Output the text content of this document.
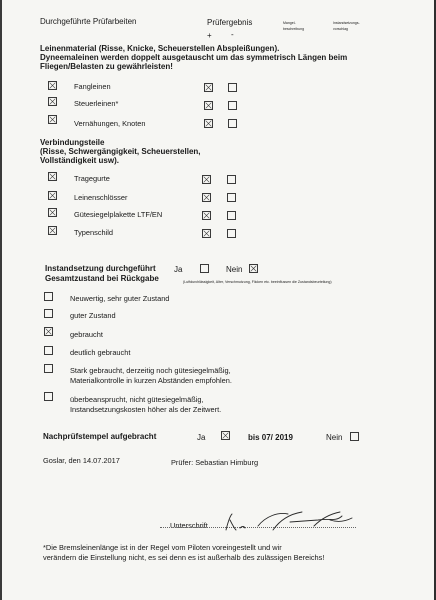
Durchgeführte Prüfarbeiten	Prüfergebnis	Mangel-
beschreibung
Instandsetzungs-
vorschlag
+ -
Leinenmaterial (Risse, Knicke, Scheuerstellen Abspleißungen).
Dyneemaleinen werden doppelt ausgetauscht um das symmetrisch Längen beim
Fliegen/Belasten zu gewährleisten!
Fangleinen
Steuerleinen*
Vernähungen, Knoten
Verbindungsteile
(Risse, Schwergängigkeit, Scheuerstellen,
Vollständigkeit usw).
Tragegurte
Leinenschlösser
Gütesiegelplakette LTF/EN
Typenschild
Instandsetzung durchgeführt Ja	Nein
Gesamtzustand bei Rückgabe	(Luftdurchlässigkeit, Alter, Verschmutzung, Flicken etc. beeinflussen die Zustandsbeurteilung)
Neuwertig, sehr guter Zustand
guter Zustand
gebraucht
deutlich gebraucht
Stark gebraucht, derzeitig noch gütesiegelmäßig,
Materialkontrolle in kurzen Abständen empfohlen.
überbeansprucht, nicht gütesiegelmäßig,
Instandsetzungskosten höher als der Zeitwert.
Nachprüfstempel aufgebracht	Ja	bis 07/ 2019	Nein
Goslar, den 14.07.2017	Prüfer: Sebastian Himburg
Unterschrift
*Die Bremsleinenlänge ist in der Regel vom Piloten voreingestellt und wir
verändern die Einstellung nicht, es sei denn es ist außerhalb des zulässigen Bereichs!
